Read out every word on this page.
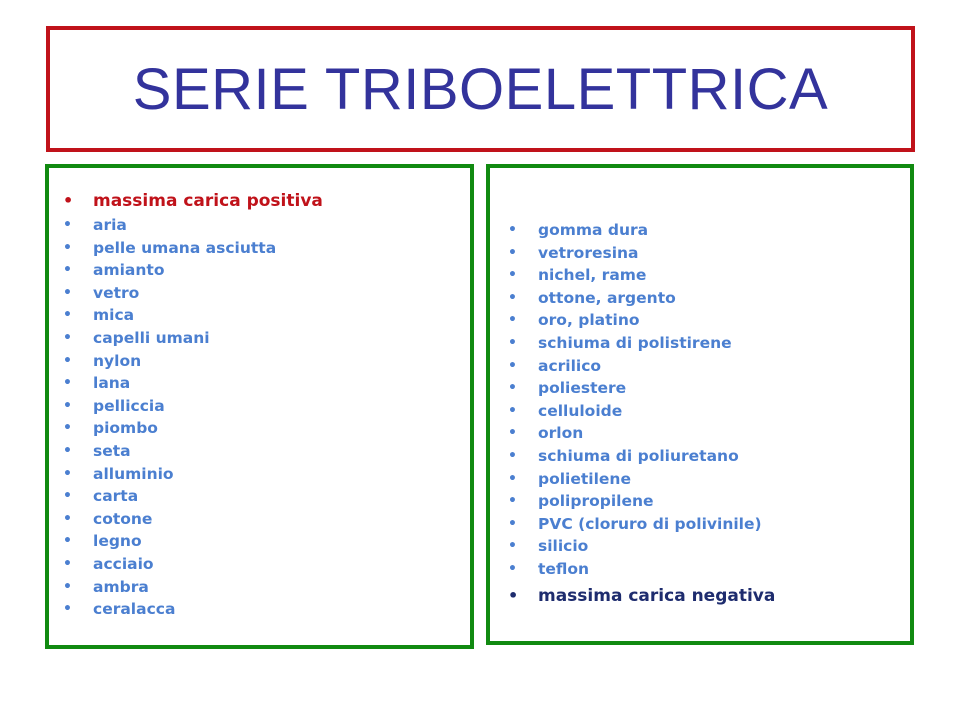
SERIE TRIBOELETTRICA
• massima carica positiva
• aria
• pelle umana asciutta
• amianto
• vetro
• mica
• capelli umani
• nylon
• lana
• pelliccia
• piombo
• seta
• alluminio
• carta
• cotone
• legno
• acciaio
• ambra
• ceralacca
• gomma dura
• vetroresina
• nichel, rame
• ottone, argento
• oro, platino
• schiuma di polistirene
• acrilico
• poliestere
• celluloide
• orlon
• schiuma di poliuretano
• polietilene
• polipropilene
• PVC (cloruro di polivinile)
• silicio
• teflon
• massima carica negativa
